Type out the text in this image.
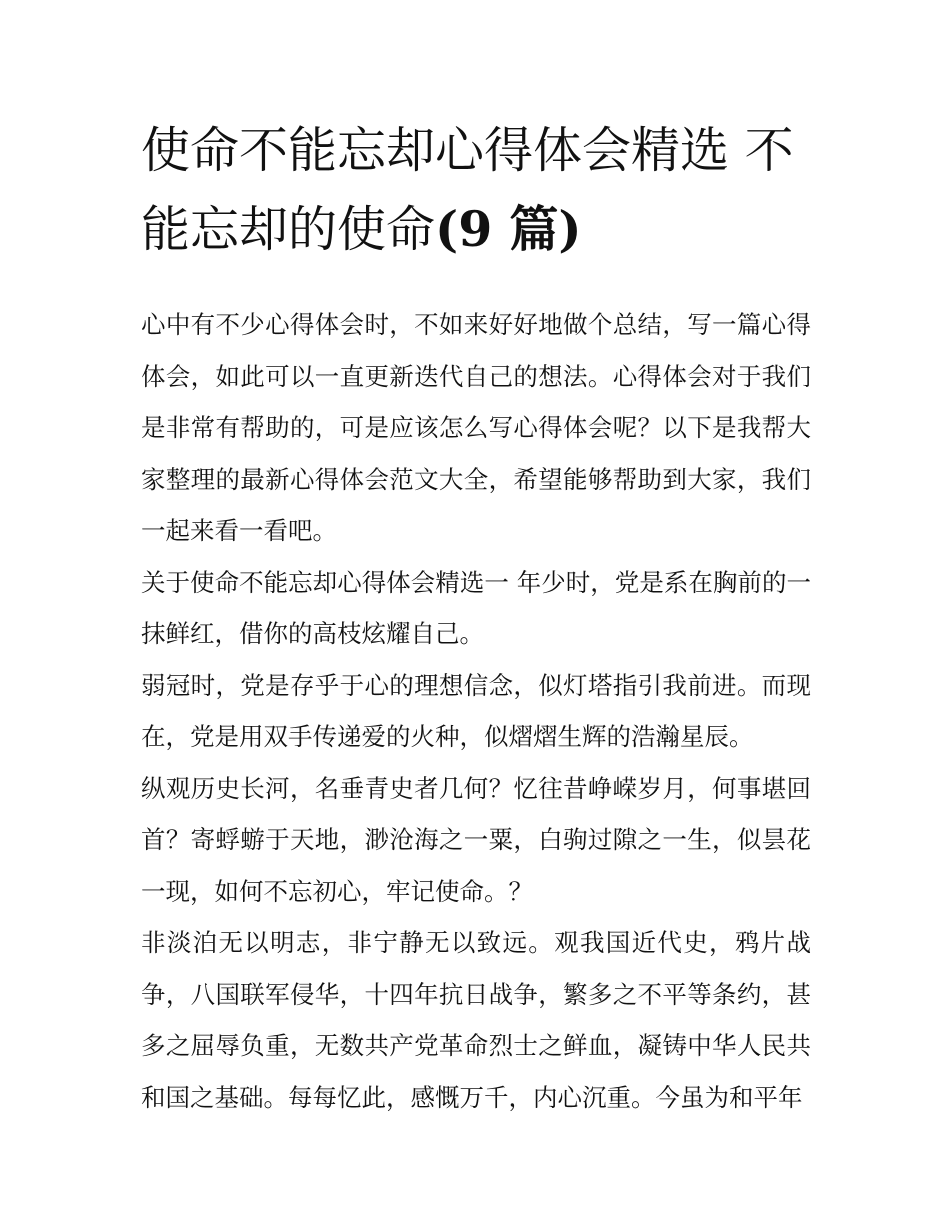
使命不能忘却心得体会精选 不能忘却的使命(9 篇)

心中有不少心得体会时，不如来好好地做个总结，写一篇心得体会，如此可以一直更新迭代自己的想法。心得体会对于我们是非常有帮助的，可是应该怎么写心得体会呢？以下是我帮大家整理的最新心得体会范文大全，希望能够帮助到大家，我们一起来看一看吧。

关于使命不能忘却心得体会精选一 年少时，党是系在胸前的一抹鲜红，借你的高枝炫耀自己。

弱冠时，党是存乎于心的理想信念，似灯塔指引我前进。而现在，党是用双手传递爱的火种，似熠熠生辉的浩瀚星辰。

纵观历史长河，名垂青史者几何？忆往昔峥嵘岁月，何事堪回首？寄蜉蝣于天地，渺沧海之一粟，白驹过隙之一生，似昙花一现，如何不忘初心，牢记使命。？

非淡泊无以明志，非宁静无以致远。观我国近代史，鸦片战争，八国联军侵华，十四年抗日战争，繁多之不平等条约，甚多之屈辱负重，无数共产党革命烈士之鲜血，凝铸中华人民共和国之基础。每每忆此，感慨万千，内心沉重。今虽为和平年
